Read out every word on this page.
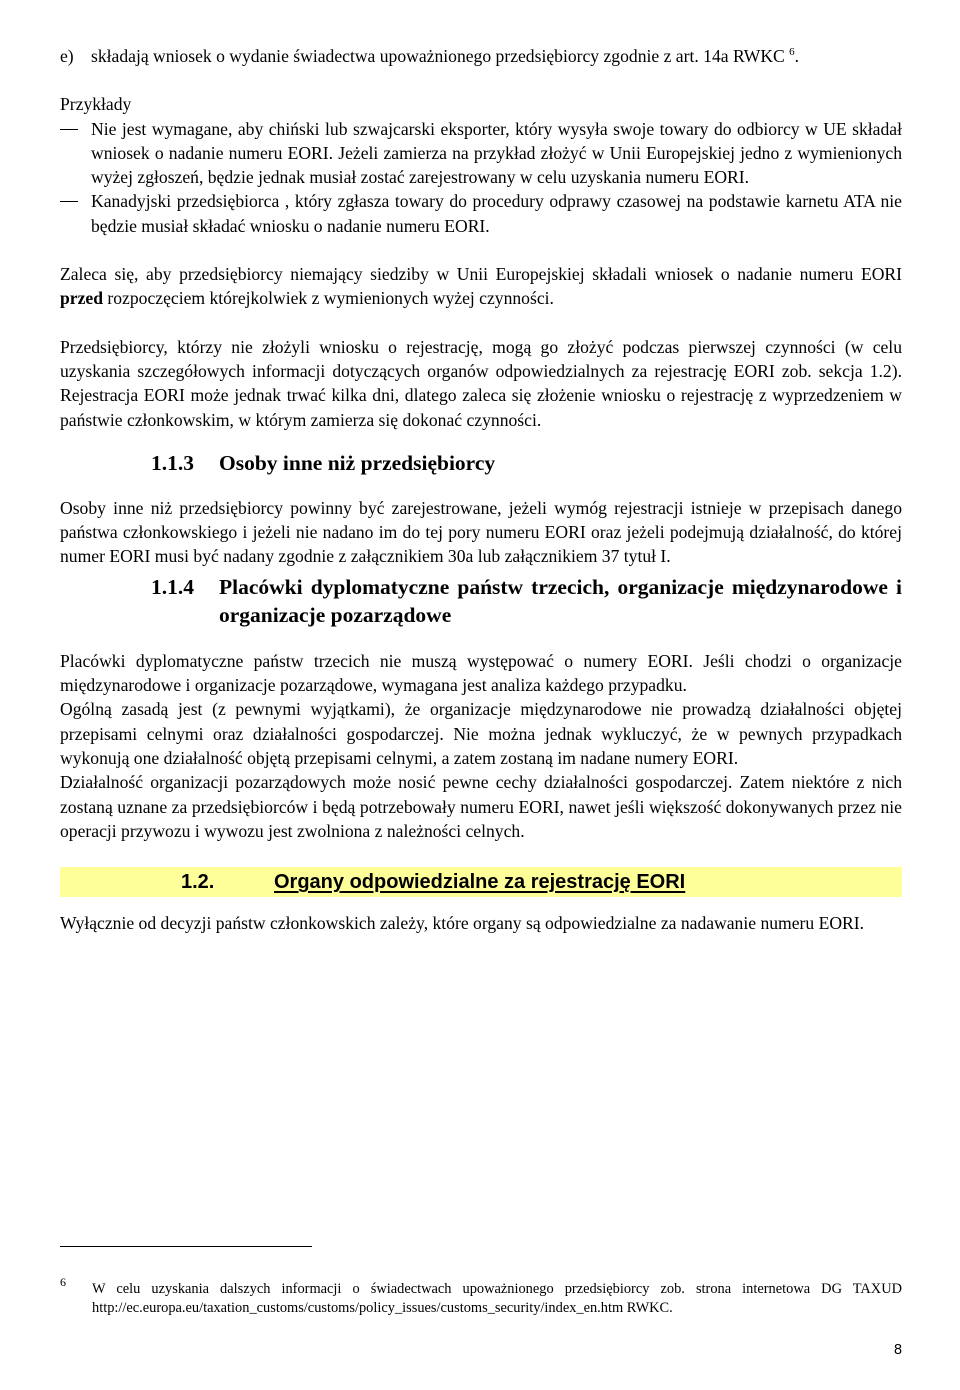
e) składają wniosek o wydanie świadectwa upoważnionego przedsiębiorcy zgodnie z art. 14a RWKC $^6$.

Przykłady

Nie jest wymagane, aby chiński lub szwajcarski eksporter, który wysyła swoje towary do odbiorcy w UE składał wniosek o nadanie numeru EORI. Jeżeli zamierza na przykład złożyć w Unii Europejskiej jedno z wymienionych wyżej zgłoszeń, będzie jednak musiał zostać zarejestrowany w celu uzyskania numeru EORI.
Kanadyjski przedsiębiorca , który zgłasza towary do procedury odprawy czasowej na podstawie karnetu ATA nie będzie musiał składać wniosku o nadanie numeru EORI.

Zaleca się, aby przedsiębiorcy niemający siedziby w Unii Europejskiej składali wniosek o nadanie numeru EORI przed rozpoczęciem którejkolwiek z wymienionych wyżej czynności.

Przedsiębiorcy, którzy nie złożyli wniosku o rejestrację, mogą go złożyć podczas pierwszej czynności (w celu uzyskania szczegółowych informacji dotyczących organów odpowiedzialnych za rejestrację EORI zob. sekcja 1.2). Rejestracja EORI może jednak trwać kilka dni, dlatego zaleca się złożenie wniosku o rejestrację z wyprzedzeniem w państwie członkowskim, w którym zamierza się dokonać czynności.

1.1.3	Osoby inne niż przedsiębiorcy

Osoby inne niż przedsiębiorcy powinny być zarejestrowane, jeżeli wymóg rejestracji istnieje w przepisach danego państwa członkowskiego i jeżeli nie nadano im do tej pory numeru EORI oraz jeżeli podejmują działalność, do której numer EORI musi być nadany zgodnie z załącznikiem 30a lub załącznikiem 37 tytuł I.

1.1.4	Placówki dyplomatyczne państw trzecich, organizacje międzynarodowe i organizacje pozarządowe

Placówki dyplomatyczne państw trzecich nie muszą występować o numery EORI. Jeśli chodzi o organizacje międzynarodowe i organizacje pozarządowe, wymagana jest analiza każdego przypadku.

Ogólną zasadą jest (z pewnymi wyjątkami), że organizacje międzynarodowe nie prowadzą działalności objętej przepisami celnymi oraz działalności gospodarczej. Nie można jednak wykluczyć, że w pewnych przypadkach wykonują one działalność objętą przepisami celnymi, a zatem zostaną im nadane numery EORI.

Działalność organizacji pozarządowych może nosić pewne cechy działalności gospodarczej. Zatem niektóre z nich zostaną uznane za przedsiębiorców i będą potrzebowały numeru EORI, nawet jeśli większość dokonywanych przez nie operacji przywozu i wywozu jest zwolniona z należności celnych.

1.2.	Organy odpowiedzialne za rejestrację EORI

Wyłącznie od decyzji państw członkowskich zależy, które organy są odpowiedzialne za nadawanie numeru EORI.

6	W celu uzyskania dalszych informacji o świadectwach upoważnionego przedsiębiorcy zob. strona internetowa DG TAXUD http://ec.europa.eu/taxation_customs/customs/policy_issues/customs_security/index_en.htm RWKC.
8
